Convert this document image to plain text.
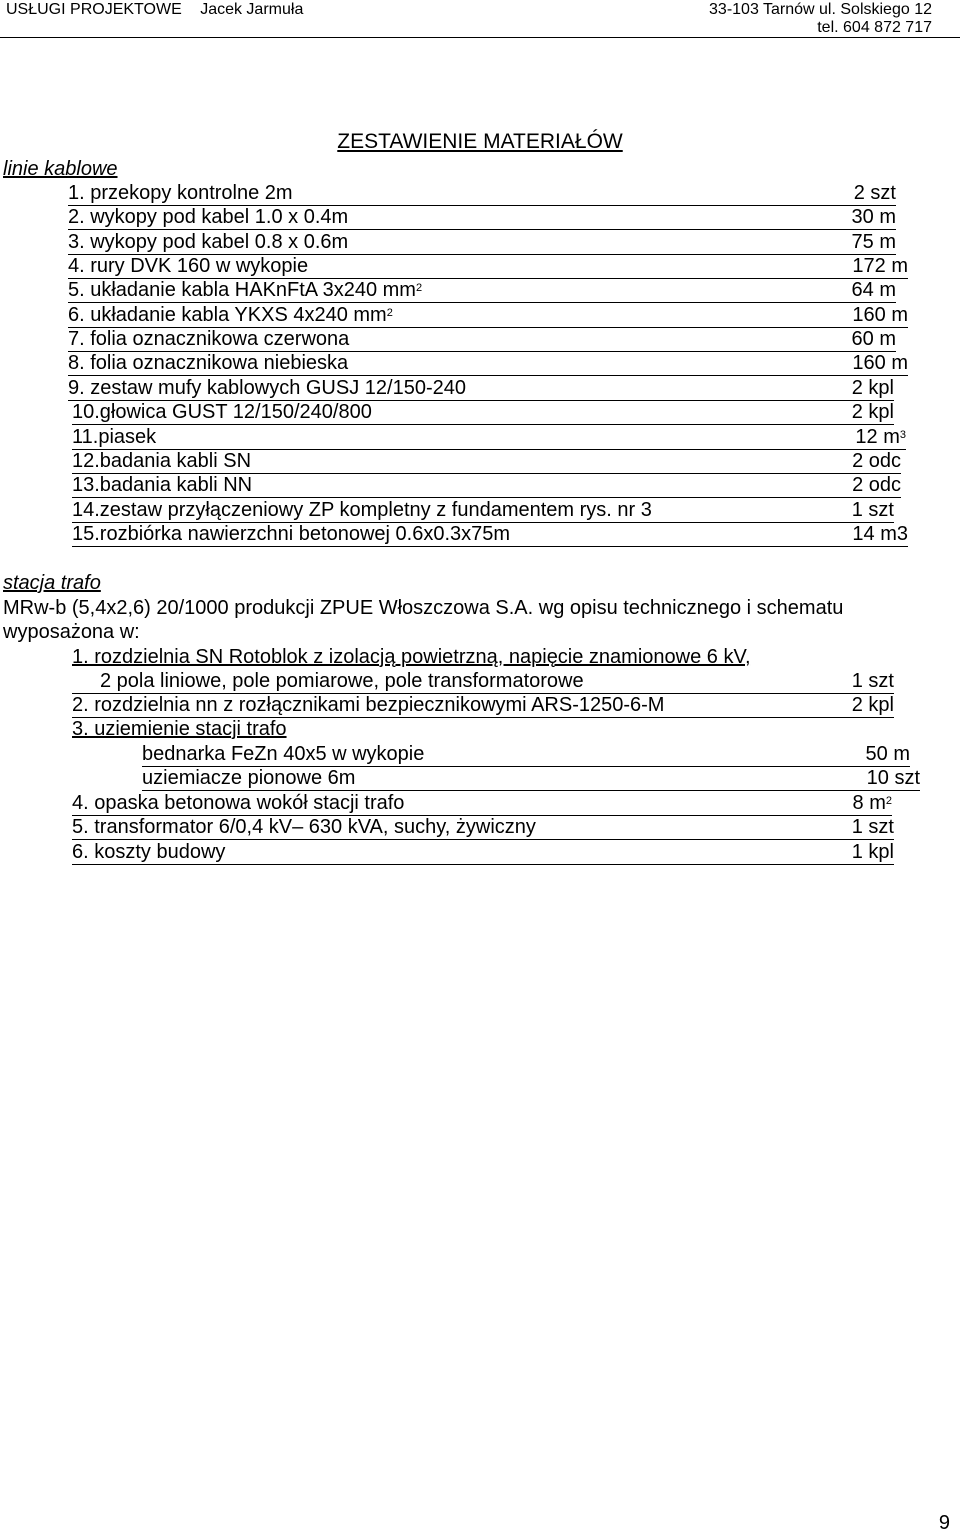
USŁUGI PROJEKTOWE Jacek Jarmuła	33-103 Tarnów ul. Solskiego 12
tel. 604 872 717
ZESTAWIENIE MATERIAŁÓW
linie kablowe
1. przekopy kontrolne 2m	2 szt
2. wykopy pod kabel 1.0 x 0.4m	30 m
3. wykopy pod kabel 0.8 x 0.6m	75 m
4. rury DVK 160 w wykopie	172 m
5. układanie kabla HAKnFtA 3x240 $mm^2$	64 m
6. układanie kabla YKXS 4x240 $mm^2$	160 m
7. folia oznacznikowa czerwona	60 m
8. folia oznacznikowa niebieska	160 m
9. zestaw mufy kablowych GUSJ 12/150-240	2 kpl
10.głowica GUST 12/150/240/800	2 kpl
11.piasek	12 $m^3$
12.badania kabli SN	2 odc
13.badania kabli NN	2 odc
14.zestaw przyłączeniowy ZP kompletny z fundamentem rys. nr 3	1 szt
15.rozbiórka nawierzchni betonowej 0.6x0.3x75m	14 m3
stacja trafo
MRw-b (5,4x2,6) 20/1000 produkcji ZPUE Włoszczowa S.A. wg opisu technicznego i schematu wyposażona w:
1. rozdzielnia SN Rotoblok z izolacją powietrzną, napięcie znamionowe 6 kV,
2 pola liniowe, pole pomiarowe, pole transformatorowe	1 szt
2. rozdzielnia nn z rozłącznikami bezpiecznikowymi ARS-1250-6-M	2 kpl
3. uziemienie stacji trafo
bednarka FeZn 40x5 w wykopie	50 m
uziemiacze pionowe 6m	10 szt
4. opaska betonowa wokół stacji trafo	8 $m^2$
5. transformator 6/0,4 kV– 630 kVA, suchy, żywiczny	1 szt
6. koszty budowy	1 kpl
9
